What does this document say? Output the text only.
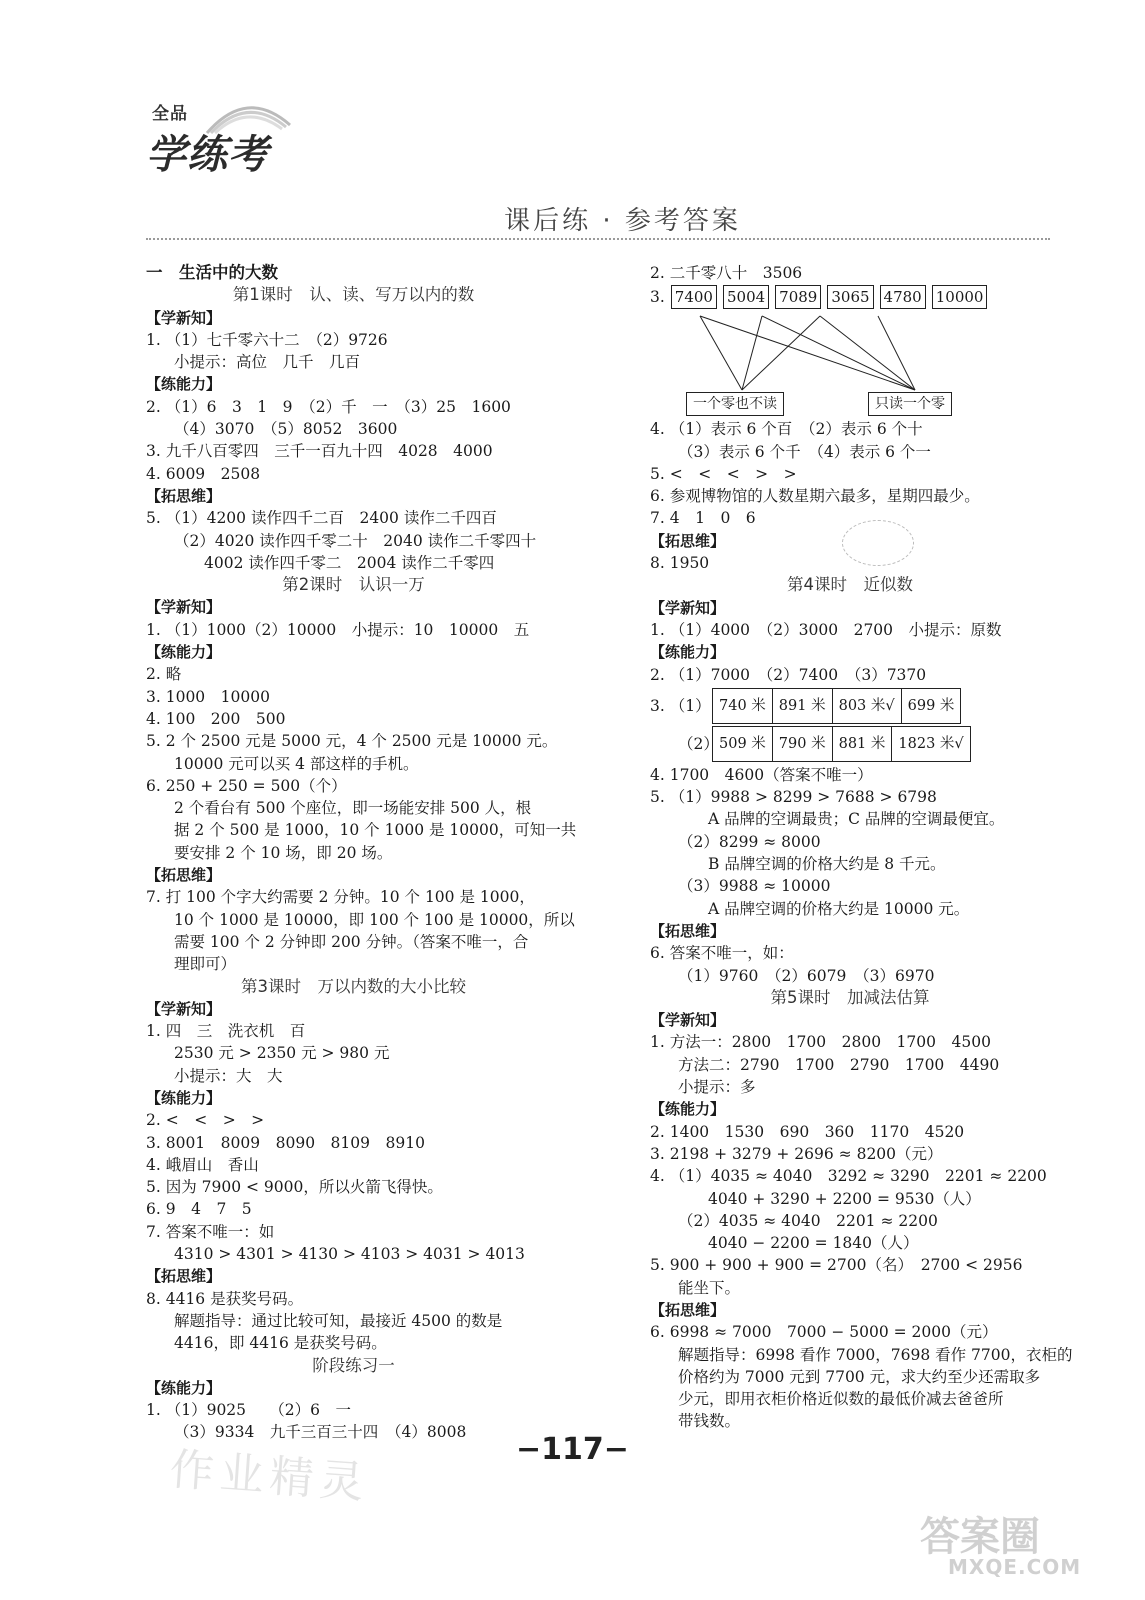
全品
学练考
课后练 · 参考答案
一　生活中的大数
第1课时　认、读、写万以内的数
【学新知】
1. （1）七千零六十二　（2）9726
小提示：高位　几千　几百
【练能力】
2. （1）6　3　1　9　（2）千　一　（3）25　1600
（4）3070　（5）8052　3600
3. 九千八百零四　三千一百九十四　4028　4000
4. 6009　2508
【拓思维】
5. （1）4200 读作四千二百　2400 读作二千四百
（2）4020 读作四千零二十　2040 读作二千零四十
4002 读作四千零二　2004 读作二千零四
第2课时　认识一万
【学新知】
1. （1）1000（2）10000　小提示：10　10000　五
【练能力】
2. 略
3. 1000　10000
4. 100　200　500
5. 2 个 2500 元是 5000 元，4 个 2500 元是 10000 元。
10000 元可以买 4 部这样的手机。
6. 250 + 250 = 500（个）
2 个看台有 500 个座位，即一场能安排 500 人，根
据 2 个 500 是 1000，10 个 1000 是 10000，可知一共
要安排 2 个 10 场，即 20 场。
【拓思维】
7. 打 100 个字大约需要 2 分钟。10 个 100 是 1000，
10 个 1000 是 10000，即 100 个 100 是 10000，所以
需要 100 个 2 分钟即 200 分钟。（答案不唯一，合
理即可）
第3课时　万以内数的大小比较
【学新知】
1. 四　三　洗衣机　百
2530 元 > 2350 元 > 980 元
小提示：大　大
【练能力】
2. <　<　>　>
3. 8001　8009　8090　8109　8910
4. 峨眉山　香山
5. 因为 7900 < 9000，所以火箭飞得快。
6. 9　4　7　5
7. 答案不唯一：如
4310 > 4301 > 4130 > 4103 > 4031 > 4013
【拓思维】
8. 4416 是获奖号码。
解题指导：通过比较可知，最接近 4500 的数是
4416，即 4416 是获奖号码。
阶段练习一
【练能力】
1. （1）9025　　（2）6　一
（3）9334　九千三百三十四　（4）8008
2. 二千零八十　3506
3. 7400 5004 7089 3065 4780 10000
一个零也不读	只读一个零
4. （1）表示 6 个百　（2）表示 6 个十
（3）表示 6 个千　（4）表示 6 个一
5. <　<　<　>　>
6. 参观博物馆的人数星期六最多，星期四最少。
7. 4　1　0　6
【拓思维】
8. 1950
第4课时　近似数
【学新知】
1. （1）4000　（2）3000　2700　小提示：原数
【练能力】
2. （1）7000　（2）7400　（3）7370
3. （1） 740 米	891 米	803 米√	699 米
（2） 509 米	790 米	881 米	1823 米√
4. 1700　4600（答案不唯一）
5. （1）9988 > 8299 > 7688 > 6798
A 品牌的空调最贵；C 品牌的空调最便宜。
（2）8299 ≈ 8000
B 品牌空调的价格大约是 8 千元。
（3）9988 ≈ 10000
A 品牌空调的价格大约是 10000 元。
【拓思维】
6. 答案不唯一，如：
（1）9760　（2）6079　（3）6970
第5课时　加减法估算
【学新知】
1. 方法一：2800　1700　2800　1700　4500
方法二：2790　1700　2790　1700　4490
小提示：多
【练能力】
2. 1400　1530　690　360　1170　4520
3. 2198 + 3279 + 2696 ≈ 8200（元）
4. （1）4035 ≈ 4040　3292 ≈ 3290　2201 ≈ 2200
4040 + 3290 + 2200 = 9530（人）
（2）4035 ≈ 4040　2201 ≈ 2200
4040 − 2200 = 1840（人）
5. 900 + 900 + 900 = 2700（名）　2700 < 2956
能坐下。
【拓思维】
6. 6998 ≈ 7000　7000 − 5000 = 2000（元）
解题指导：6998 看作 7000，7698 看作 7700，衣柜的
价格约为 7000 元到 7700 元，求大约至少还需取多
少元，即用衣柜价格近似数的最低价减去爸爸所
带钱数。
−117−
作业精灵
答案圈
MXQE.COM
